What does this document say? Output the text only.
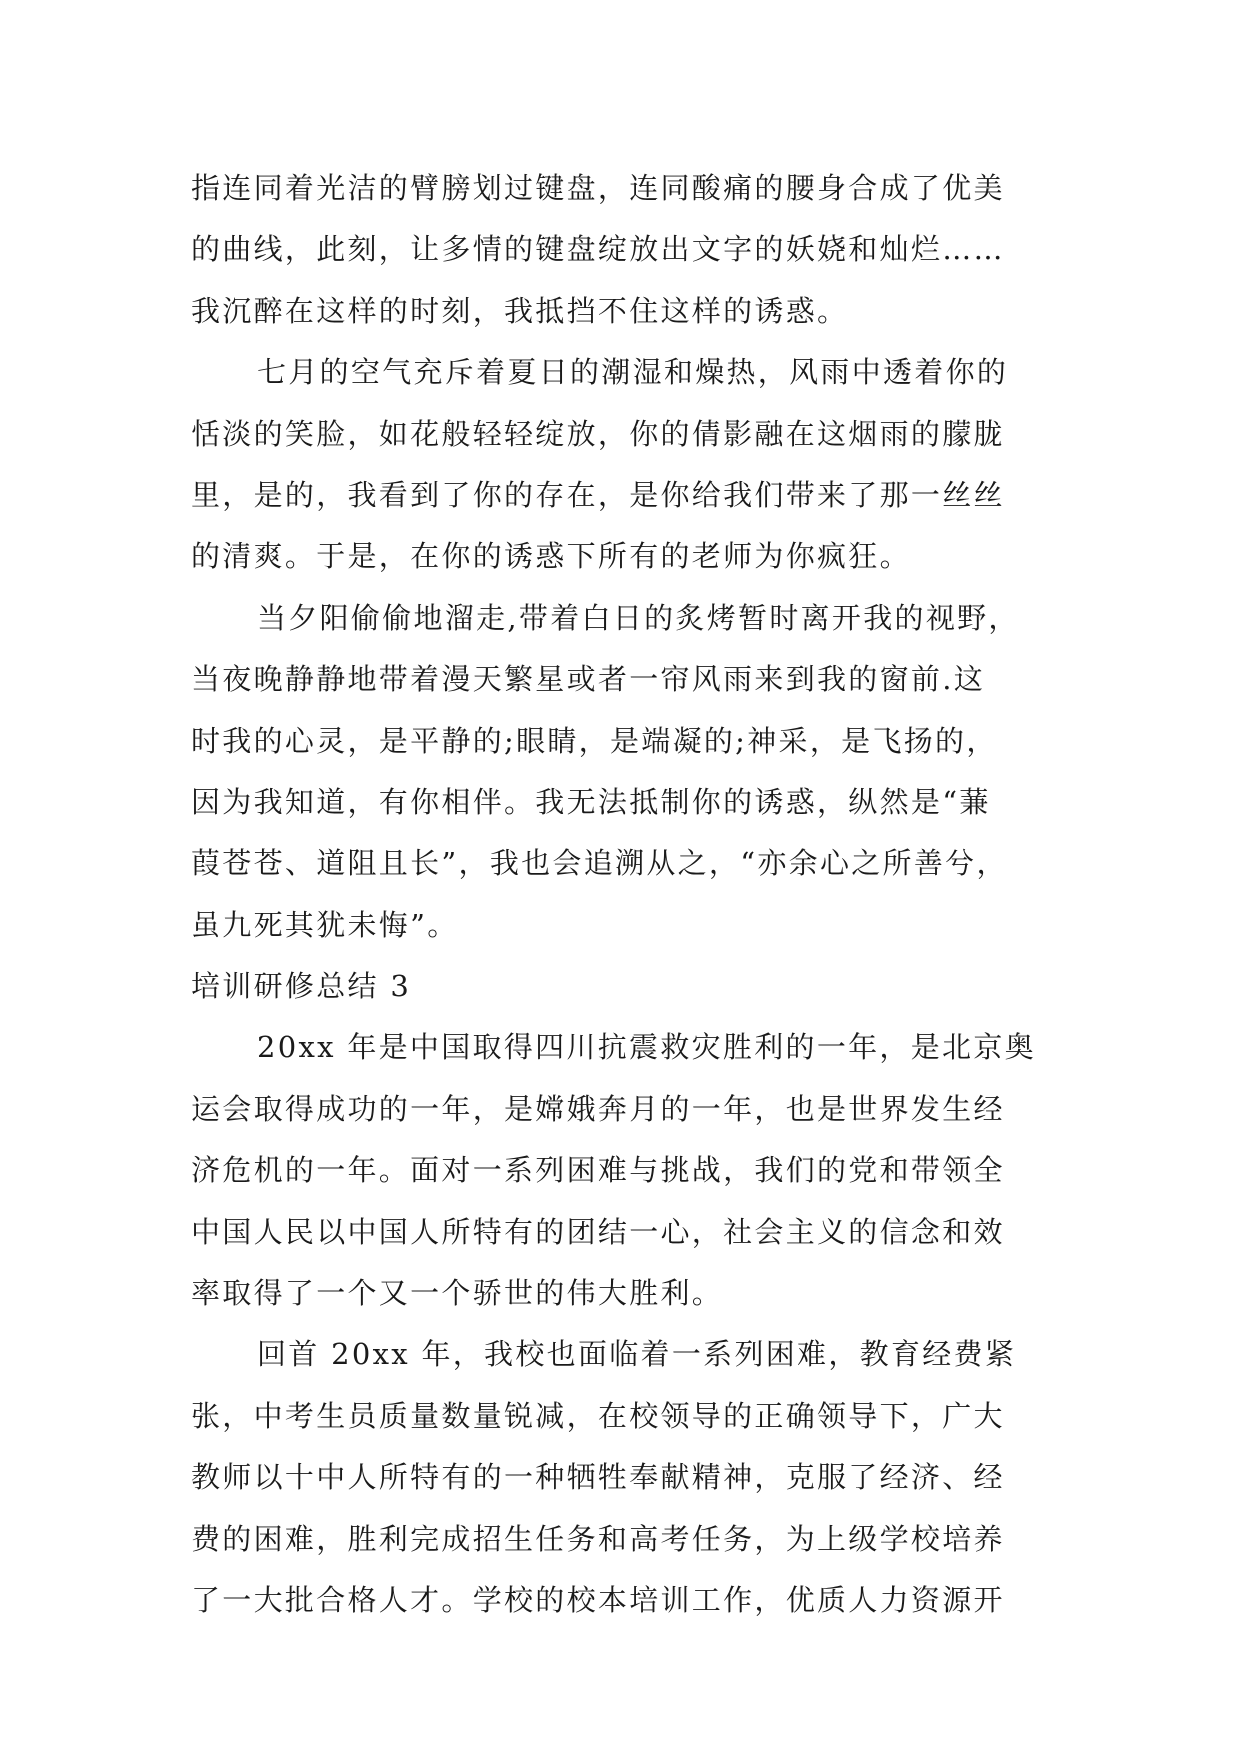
指连同着光洁的臂膀划过键盘，连同酸痛的腰身合成了优美
的曲线，此刻，让多情的键盘绽放出文字的妖娆和灿烂……
我沉醉在这样的时刻，我抵挡不住这样的诱惑。
七月的空气充斥着夏日的潮湿和燥热，风雨中透着你的
恬淡的笑脸，如花般轻轻绽放，你的倩影融在这烟雨的朦胧
里，是的，我看到了你的存在，是你给我们带来了那一丝丝
的清爽。于是，在你的诱惑下所有的老师为你疯狂。
当夕阳偷偷地溜走,带着白日的炙烤暂时离开我的视野，
当夜晚静静地带着漫天繁星或者一帘风雨来到我的窗前.这
时我的心灵，是平静的;眼睛，是端凝的;神采，是飞扬的，
因为我知道，有你相伴。我无法抵制你的诱惑，纵然是“蒹
葭苍苍、道阻且长”，我也会追溯从之，“亦余心之所善兮，
虽九死其犹未悔”。
培训研修总结 3
20xx 年是中国取得四川抗震救灾胜利的一年，是北京奥
运会取得成功的一年，是嫦娥奔月的一年，也是世界发生经
济危机的一年。面对一系列困难与挑战，我们的党和带领全
中国人民以中国人所特有的团结一心，社会主义的信念和效
率取得了一个又一个骄世的伟大胜利。
回首 20xx 年，我校也面临着一系列困难，教育经费紧
张，中考生员质量数量锐减，在校领导的正确领导下，广大
教师以十中人所特有的一种牺牲奉献精神，克服了经济、经
费的困难，胜利完成招生任务和高考任务，为上级学校培养
了一大批合格人才。学校的校本培训工作，优质人力资源开
